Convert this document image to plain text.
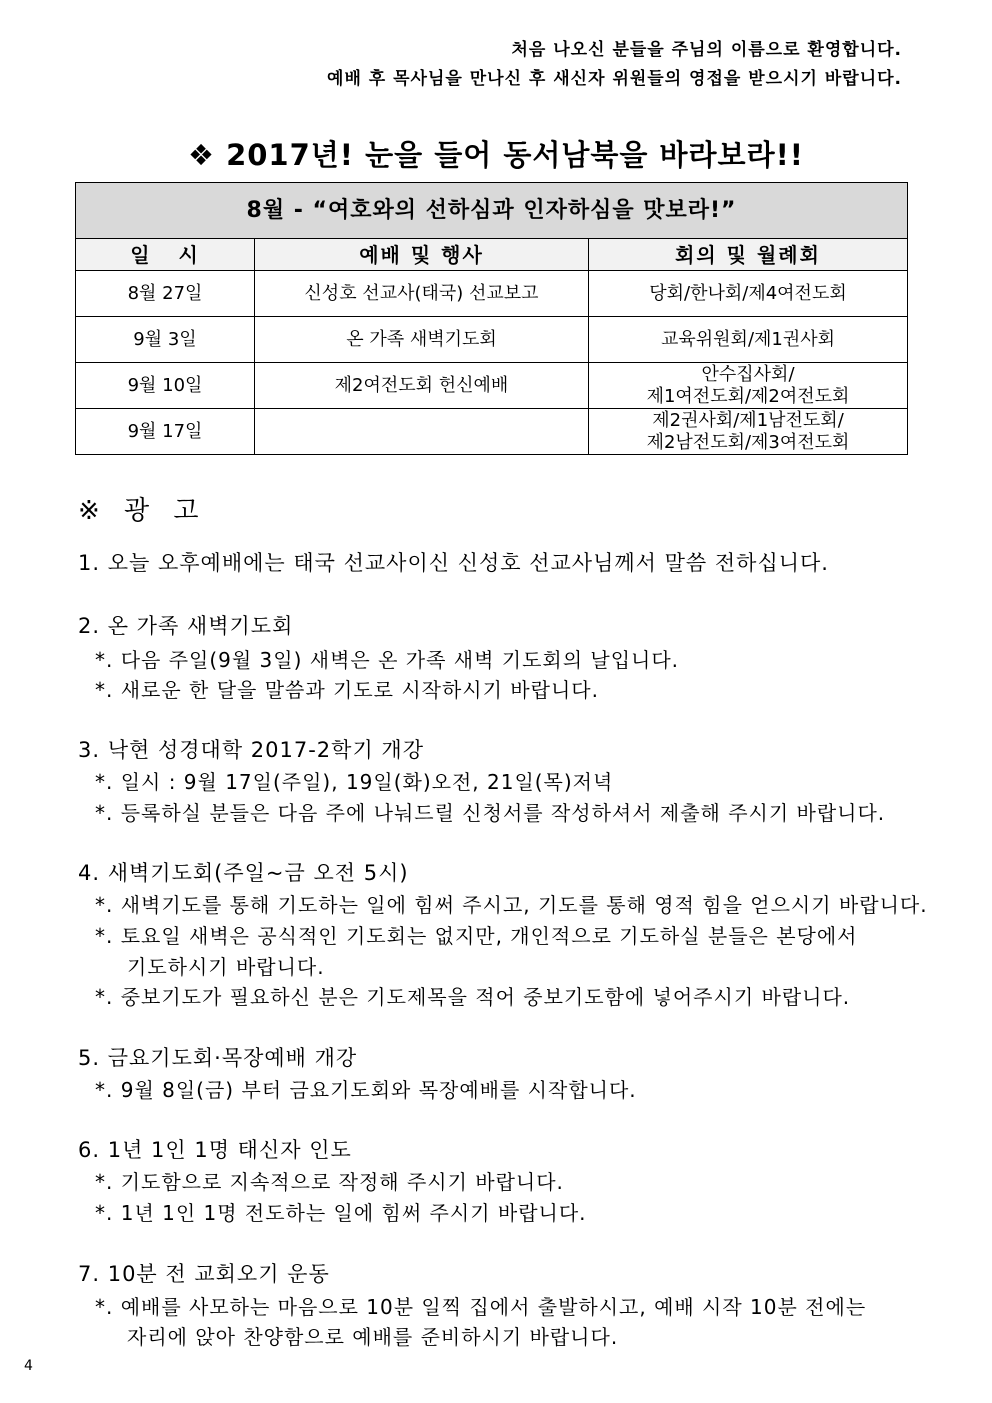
처음 나오신 분들을 주님의 이름으로 환영합니다.
예배 후 목사님을 만나신 후 새신자 위원들의 영접을 받으시기 바랍니다.
❖ 2017년! 눈을 들어 동서남북을 바라보라!!
8월 - “여호와의 선하심과 인자하심을 맛보라!”		
일   시	예배 및 행사	회의 및 월례회
8월 27일	신성호 선교사(태국) 선교보고	당회/한나회/제4여전도회

9월 3일	온 가족 새벽기도회	교육위원회/제1권사회

9월 10일	제2여전도회 헌신예배	안수집사회/
제1여전도회/제2여전도회

9월 17일		제2권사회/제1남전도회/
제2남전도회/제3여전도회
※ 광 고
1. 오늘 오후예배에는 태국 선교사이신 신성호 선교사님께서 말씀 전하십니다.
2. 온 가족 새벽기도회
*. 다음 주일(9월 3일) 새벽은 온 가족 새벽 기도회의 날입니다.
*. 새로운 한 달을 말씀과 기도로 시작하시기 바랍니다.
3. 낙현 성경대학 2017-2학기 개강
*. 일시 : 9월 17일(주일), 19일(화)오전, 21일(목)저녁
*. 등록하실 분들은 다음 주에 나눠드릴 신청서를 작성하셔서 제출해 주시기 바랍니다.
4. 새벽기도회(주일~금 오전 5시)
*. 새벽기도를 통해 기도하는 일에 힘써 주시고, 기도를 통해 영적 힘을 얻으시기 바랍니다.
*. 토요일 새벽은 공식적인 기도회는 없지만, 개인적으로 기도하실 분들은 본당에서
기도하시기 바랍니다.
*. 중보기도가 필요하신 분은 기도제목을 적어 중보기도함에 넣어주시기 바랍니다.
5. 금요기도회·목장예배 개강
*. 9월 8일(금) 부터 금요기도회와 목장예배를 시작합니다.
6. 1년 1인 1명 태신자 인도
*. 기도함으로 지속적으로 작정해 주시기 바랍니다.
*. 1년 1인 1명 전도하는 일에 힘써 주시기 바랍니다.
7. 10분 전 교회오기 운동
*. 예배를 사모하는 마음으로 10분 일찍 집에서 출발하시고, 예배 시작 10분 전에는
자리에 앉아 찬양함으로 예배를 준비하시기 바랍니다.
4
